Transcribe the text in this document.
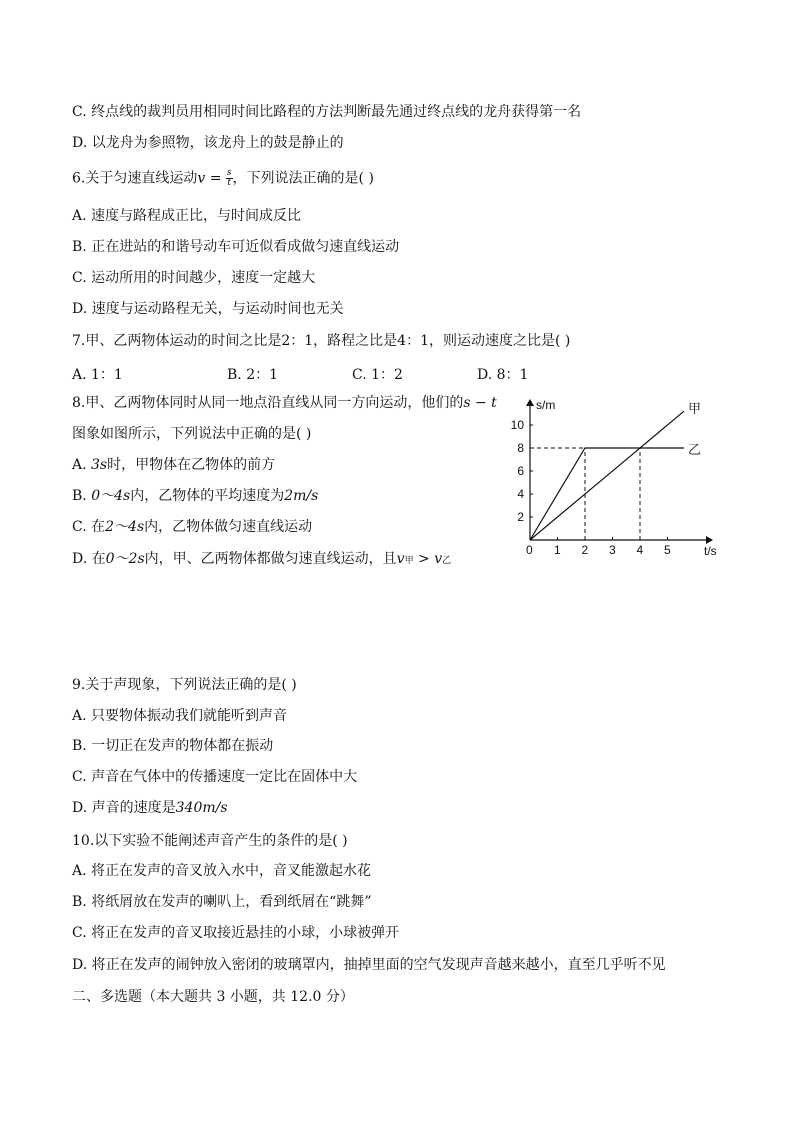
C. 终点线的裁判员用相同时间比路程的方法判断最先通过终点线的龙舟获得第一名
D. 以龙舟为参照物，该龙舟上的鼓是静止的
6.关于匀速直线运动$v = \frac{s}{t}$ ，下列说法正确的是( )
A. 速度与路程成正比，与时间成反比
B. 正在进站的和谐号动车可近似看成做匀速直线运动
C. 运动所用的时间越少，速度一定越大
D. 速度与运动路程无关，与运动时间也无关
7.甲、乙两物体运动的时间之比是2：1，路程之比是4：1，则运动速度之比是( )
A. 1：1	B. 2：1	C. 1：2	D. 8：1
8.甲、乙两物体同时从同一地点沿直线从同一方向运动，他们的s − t
图象如图所示，下列说法中正确的是( )
A. 3s时，甲物体在乙物体的前方
B. 0～4s内，乙物体的平均速度为2m/s
C. 在2～4s内，乙物体做匀速直线运动
D. 在0～2s内，甲、乙两物体都做匀速直线运动，且v甲 > v乙
s/m
t/s
0 1 2 3 4 5
2
4
6
8
10
甲
乙
9.关于声现象，下列说法正确的是( )
A. 只要物体振动我们就能听到声音
B. 一切正在发声的物体都在振动
C. 声音在气体中的传播速度一定比在固体中大
D. 声音的速度是340m/s
10.以下实验不能阐述声音产生的条件的是( )
A. 将正在发声的音叉放入水中，音叉能激起水花
B. 将纸屑放在发声的喇叭上，看到纸屑在“跳舞”
C. 将正在发声的音叉取接近悬挂的小球，小球被弹开
D. 将正在发声的闹钟放入密闭的玻璃罩内，抽掉里面的空气发现声音越来越小，直至几乎听不见
二、多选题（本大题共 3 小题，共 12.0 分）
